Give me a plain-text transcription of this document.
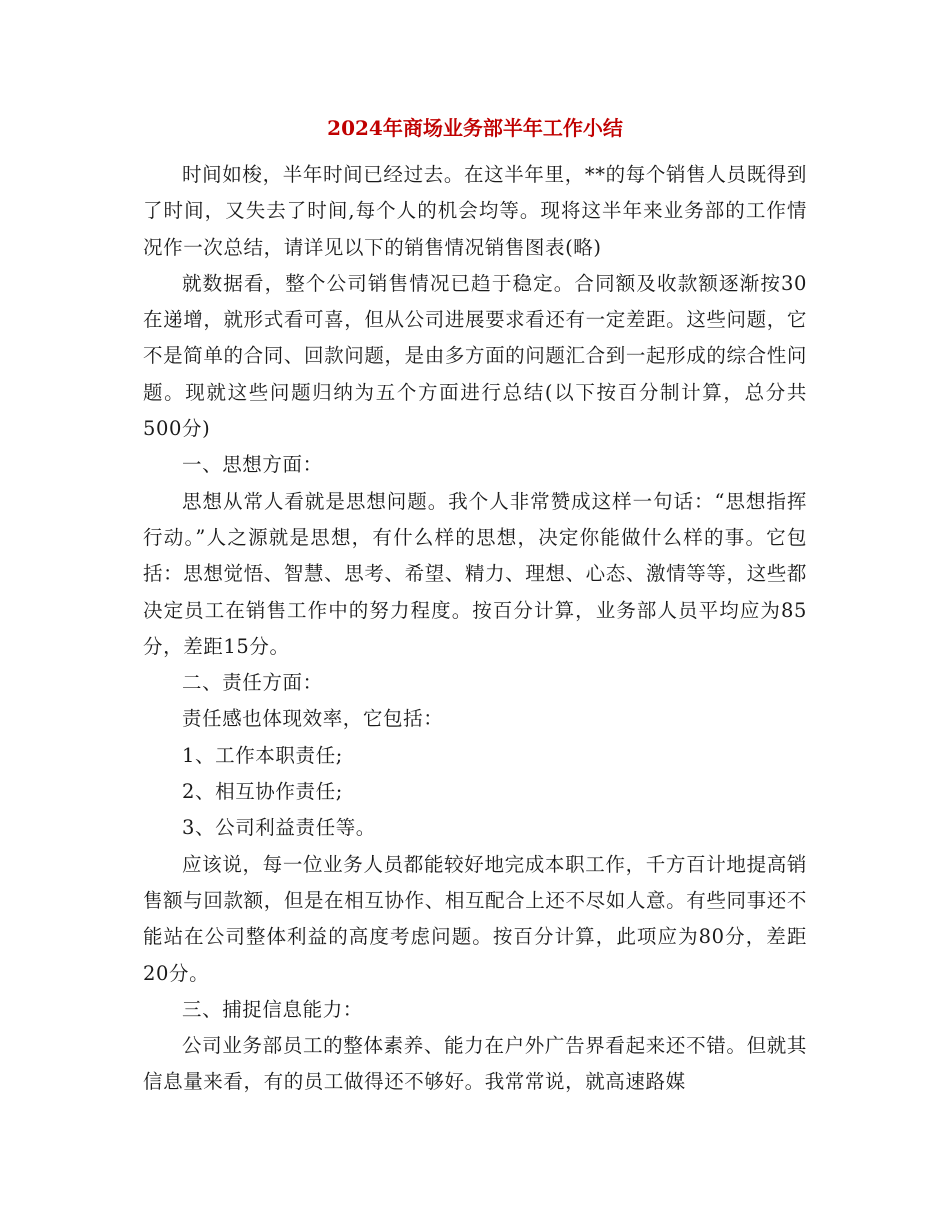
2024年商场业务部半年工作小结

时间如梭，半年时间已经过去。在这半年里，**的每个销售人员既得到了时间，又失去了时间,每个人的机会均等。现将这半年来业务部的工作情况作一次总结，请详见以下的销售情况销售图表(略)

就数据看，整个公司销售情况已趋于稳定。合同额及收款额逐渐按30在递增，就形式看可喜，但从公司进展要求看还有一定差距。这些问题，它不是简单的合同、回款问题，是由多方面的问题汇合到一起形成的综合性问题。现就这些问题归纳为五个方面进行总结(以下按百分制计算，总分共500分)

一、思想方面：

思想从常人看就是思想问题。我个人非常赞成这样一句话：“思想指挥行动。”人之源就是思想，有什么样的思想，决定你能做什么样的事。它包括：思想觉悟、智慧、思考、希望、精力、理想、心态、激情等等，这些都决定员工在销售工作中的努力程度。按百分计算，业务部人员平均应为85分，差距15分。

二、责任方面：

责任感也体现效率，它包括：

1、工作本职责任;

2、相互协作责任;

3、公司利益责任等。

应该说，每一位业务人员都能较好地完成本职工作，千方百计地提高销售额与回款额，但是在相互协作、相互配合上还不尽如人意。有些同事还不能站在公司整体利益的高度考虑问题。按百分计算，此项应为80分，差距20分。

三、捕捉信息能力：

公司业务部员工的整体素养、能力在户外广告界看起来还不错。但就其信息量来看，有的员工做得还不够好。我常常说，就高速路媒
